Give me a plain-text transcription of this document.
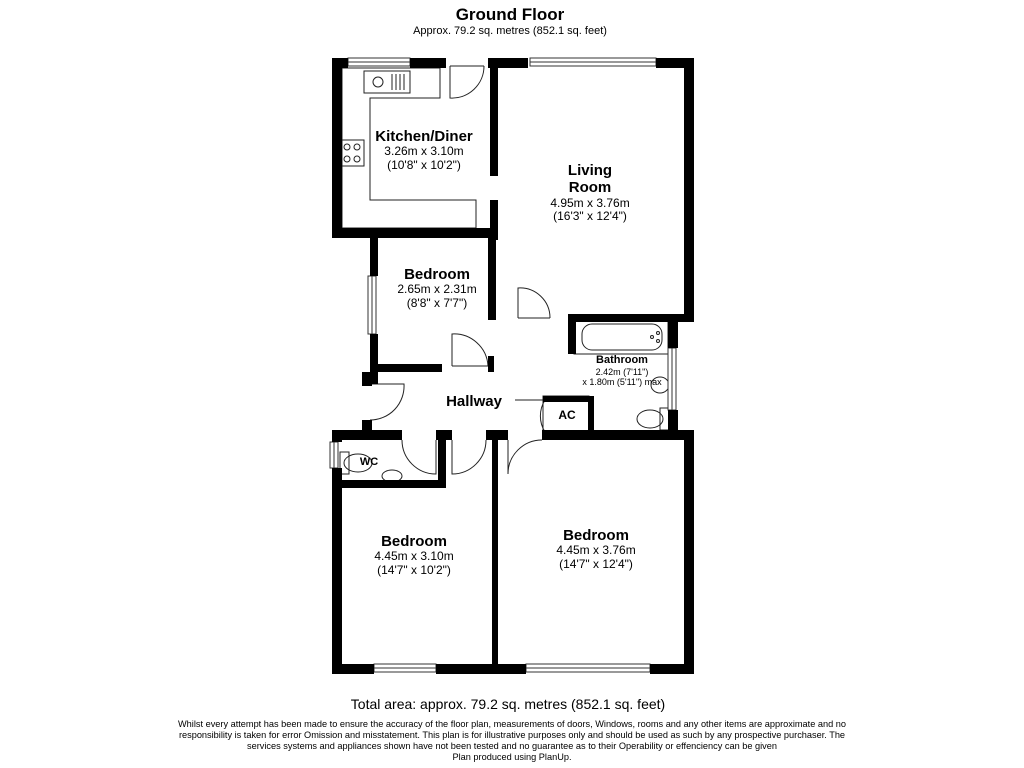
Ground Floor
Approx. 79.2 sq. metres (852.1 sq. feet)
Kitchen/Diner
3.26m x 3.10m
(10'8" x 10'2")	Living
Room
4.95m x 3.76m
(16'3" x 12'4")
Bedroom
2.65m x 2.31m
(8'8" x 7'7")
Bathroom
2.42m (7'11")
x 1.80m (5'11") max
Hallway
AC
WC
Bedroom
4.45m x 3.10m
(14'7" x 10'2")
Bedroom
4.45m x 3.76m
(14'7" x 12'4")
Total area: approx. 79.2 sq. metres (852.1 sq. feet)
Whilst every attempt has been made to ensure the accuracy of the floor plan, measurements of doors, Windows, rooms and any other items are approximate and no
responsibility is taken for error Omission and misstatement. This plan is for illustrative purposes only and should be used as such by any prospective purchaser. The
services systems and appliances shown have not been tested and no guarantee as to their Operability or effenciency can be given
Plan produced using PlanUp.
